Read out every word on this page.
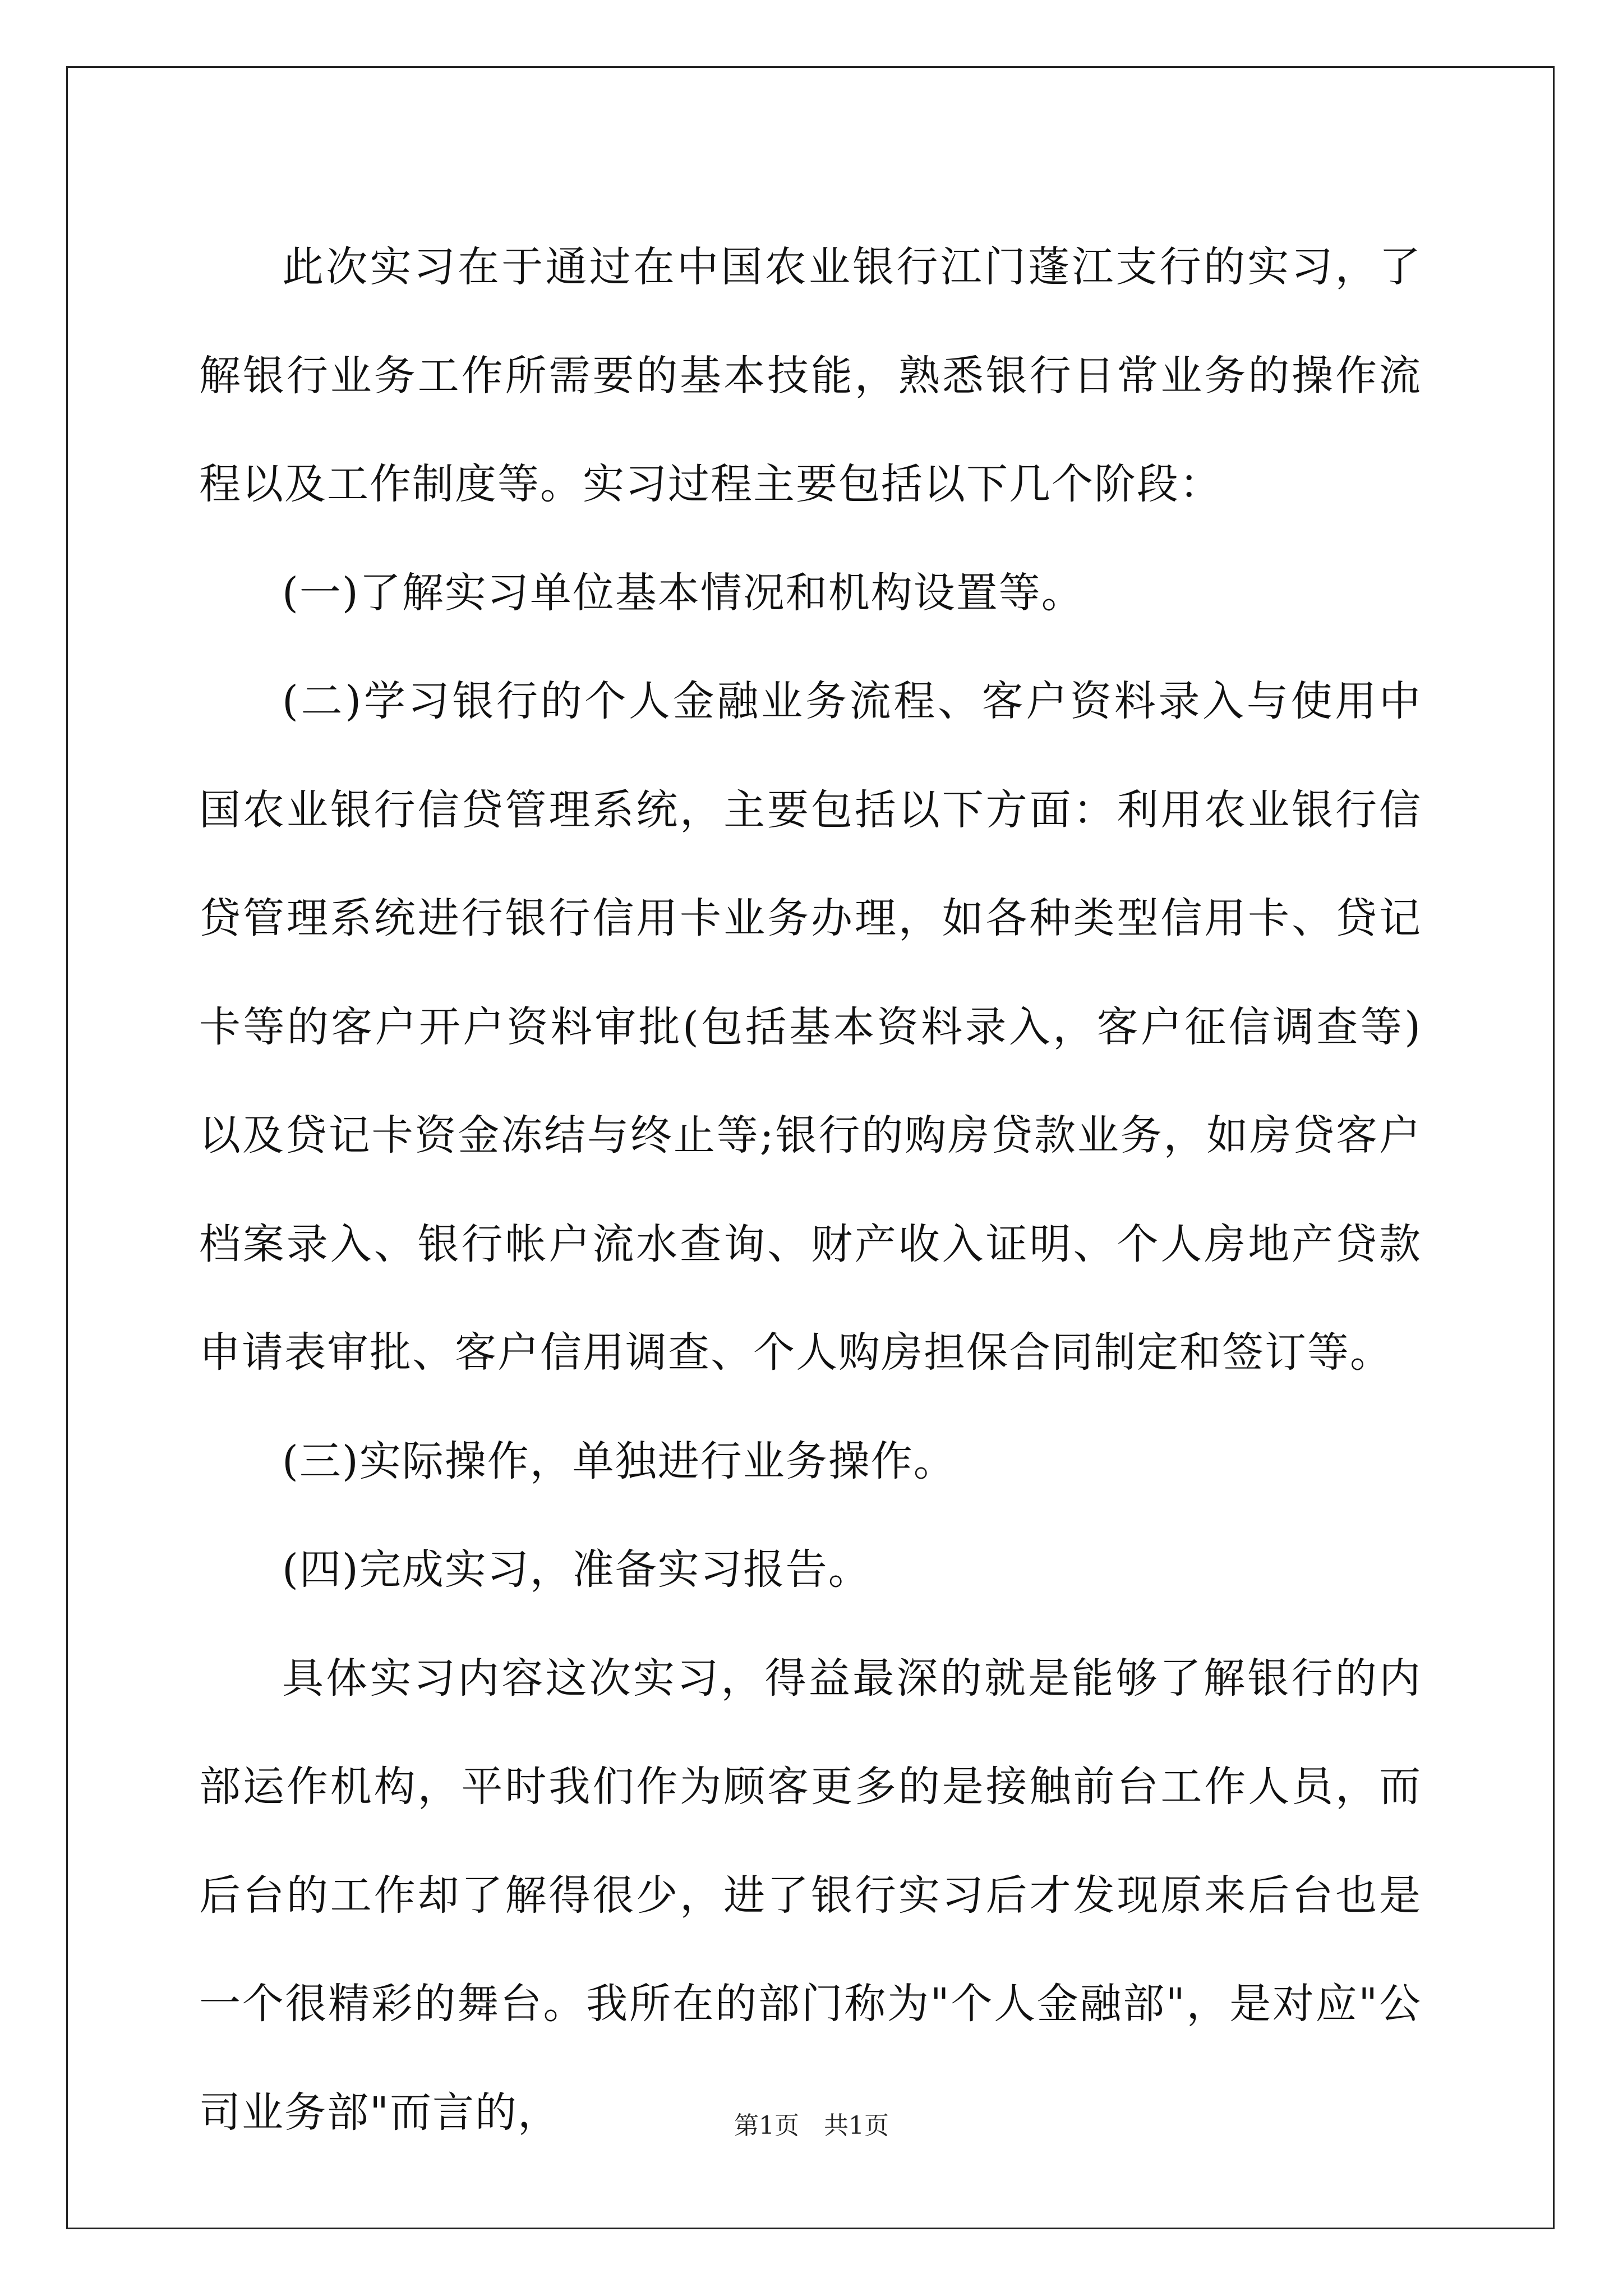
此次实习在于通过在中国农业银行江门蓬江支行的实习，了解银行业务工作所需要的基本技能，熟悉银行日常业务的操作流程以及工作制度等。实习过程主要包括以下几个阶段：

(一)了解实习单位基本情况和机构设置等。

(二)学习银行的个人金融业务流程、客户资料录入与使用中国农业银行信贷管理系统，主要包括以下方面：利用农业银行信贷管理系统进行银行信用卡业务办理，如各种类型信用卡、贷记卡等的客户开户资料审批(包括基本资料录入，客户征信调查等)以及贷记卡资金冻结与终止等;银行的购房贷款业务，如房贷客户档案录入、银行帐户流水查询、财产收入证明、个人房地产贷款申请表审批、客户信用调查、个人购房担保合同制定和签订等。

(三)实际操作，单独进行业务操作。

(四)完成实习，准备实习报告。

具体实习内容这次实习，得益最深的就是能够了解银行的内部运作机构，平时我们作为顾客更多的是接触前台工作人员，而后台的工作却了解得很少，进了银行实习后才发现原来后台也是一个很精彩的舞台。我所在的部门称为"个人金融部"，是对应"公司业务部"而言的，	第1页　共1页
